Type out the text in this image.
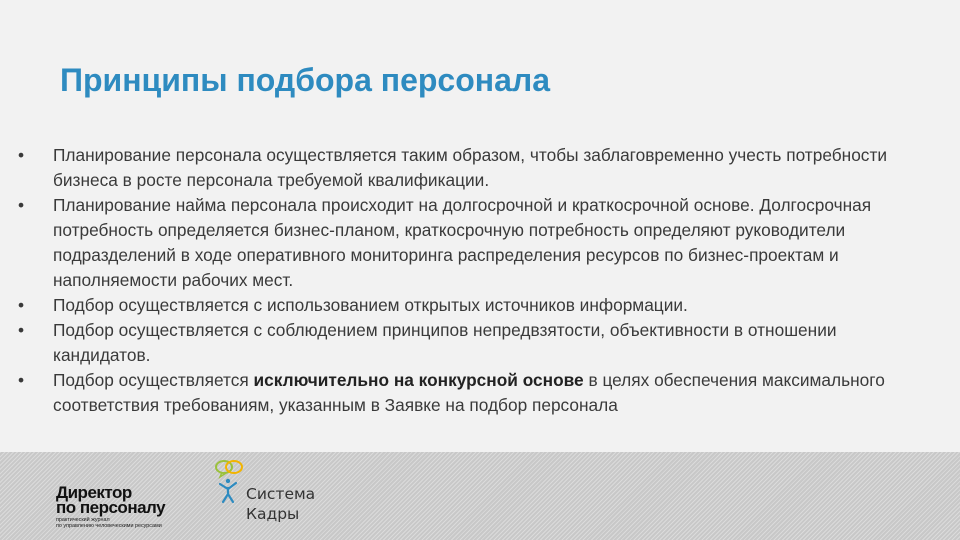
Принципы подбора персонала
• Планирование персонала осуществляется таким образом, чтобы заблаговременно учесть потребности бизнеса в росте персонала требуемой квалификации.
• Планирование найма персонала происходит на долгосрочной и краткосрочной основе. Долгосрочная потребность определяется бизнес-планом, краткосрочную потребность определяют руководители подразделений в ходе оперативного мониторинга распределения ресурсов по бизнес-проектам и наполняемости рабочих мест.
• Подбор осуществляется с использованием открытых источников информации.
• Подбор осуществляется с соблюдением принципов непредвзятости, объективности в отношении кандидатов.
• Подбор осуществляется исключительно на конкурсной основе в целях обеспечения максимального соответствия требованиям, указанным в Заявке на подбор персонала
Директор
по персоналу
практический журнал
по управлению человеческими ресурсами
Система
Кадры
